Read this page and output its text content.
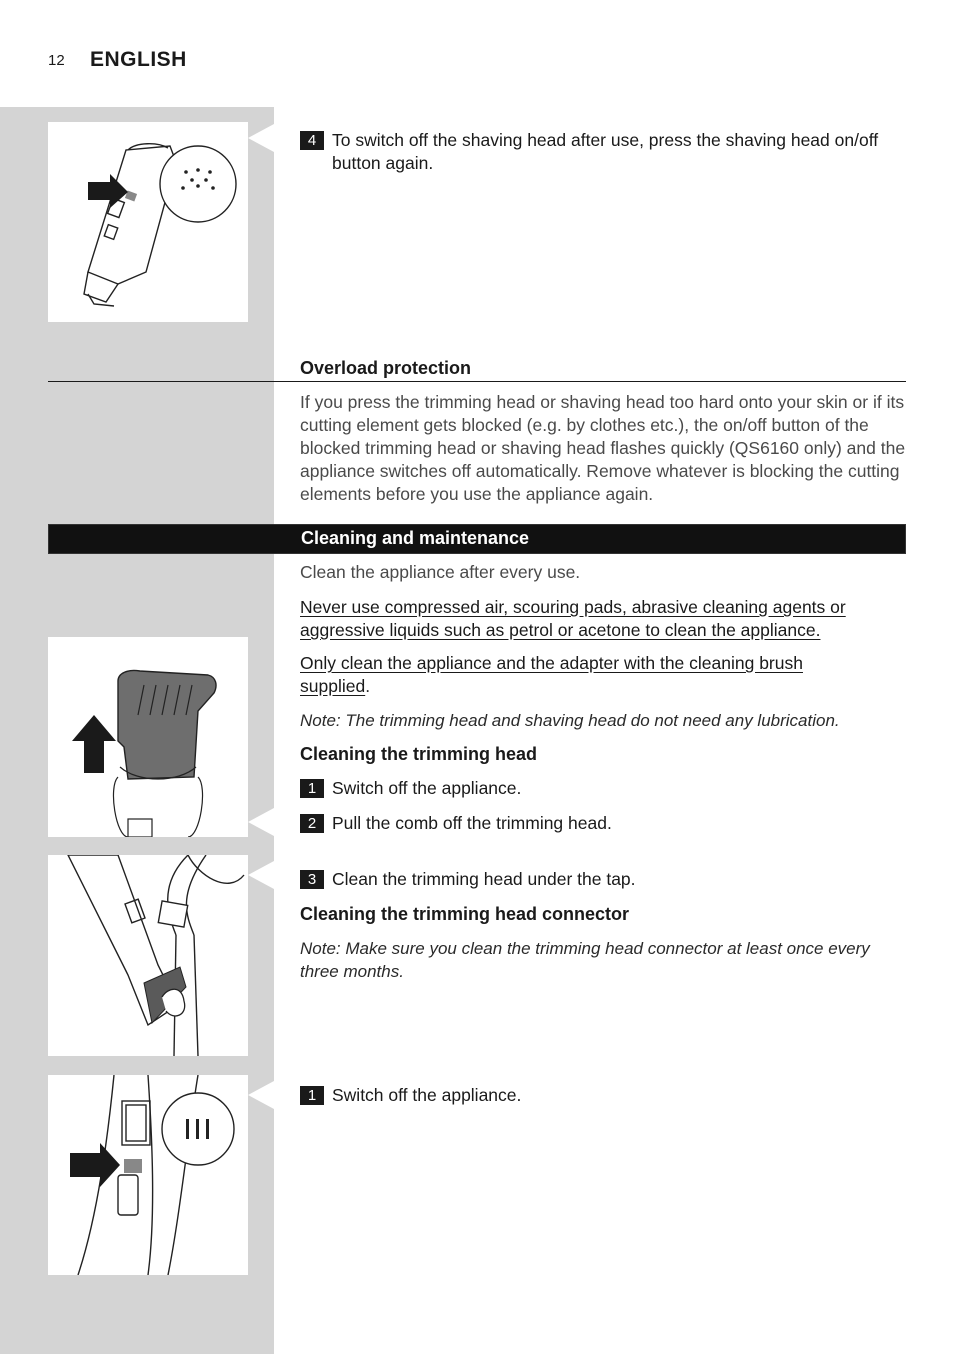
12 ENGLISH
4 To switch off the shaving head after use, press the shaving head on/off button again.
Overload protection
If you press the trimming head or shaving head too hard onto your skin or if its cutting element gets blocked (e.g. by clothes etc.), the on/off button of the blocked trimming head or shaving head flashes quickly (QS6160 only) and the appliance switches off automatically. Remove whatever is blocking the cutting elements before you use the appliance again.
Cleaning and maintenance
Clean the appliance after every use.
Never use compressed air, scouring pads, abrasive cleaning agents or aggressive liquids such as petrol or acetone to clean the appliance.
Only clean the appliance and the adapter with the cleaning brush supplied.
Note: The trimming head and shaving head do not need any lubrication.
Cleaning the trimming head
1 Switch off the appliance.
2 Pull the comb off the trimming head.
3 Clean the trimming head under the tap.
Cleaning the trimming head connector
Note: Make sure you clean the trimming head connector at least once every three months.
1 Switch off the appliance.
